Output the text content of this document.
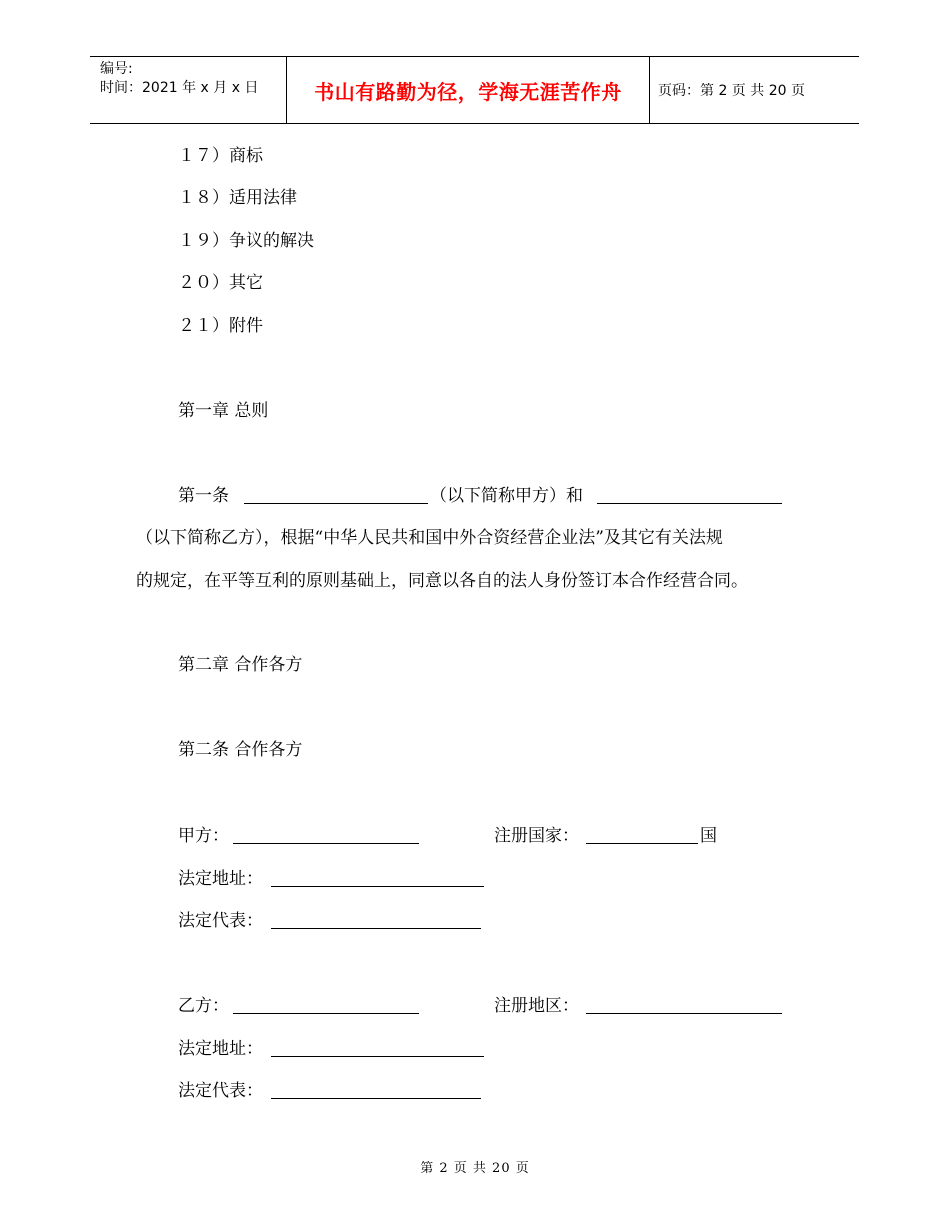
编号:
时间：2021 年 x 月 x 日	书山有路勤为径，学海无涯苦作舟	页码：第 2 页 共 20 页
１７）商标
１８）适用法律
１９）争议的解决
２０）其它
２１）附件
第一章 总则
第一条	（以下简称甲方）和
（以下简称乙方），根据“中华人民共和国中外合资经营企业法”及其它有关法规
的规定，在平等互利的原则基础上，同意以各自的法人身份签订本合作经营合同。
第二章 合作各方
第二条 合作各方
甲方：	注册国家：	国
法定地址：
法定代表：
乙方：	注册地区：
法定地址：
法定代表：
第 2 页 共 20 页
